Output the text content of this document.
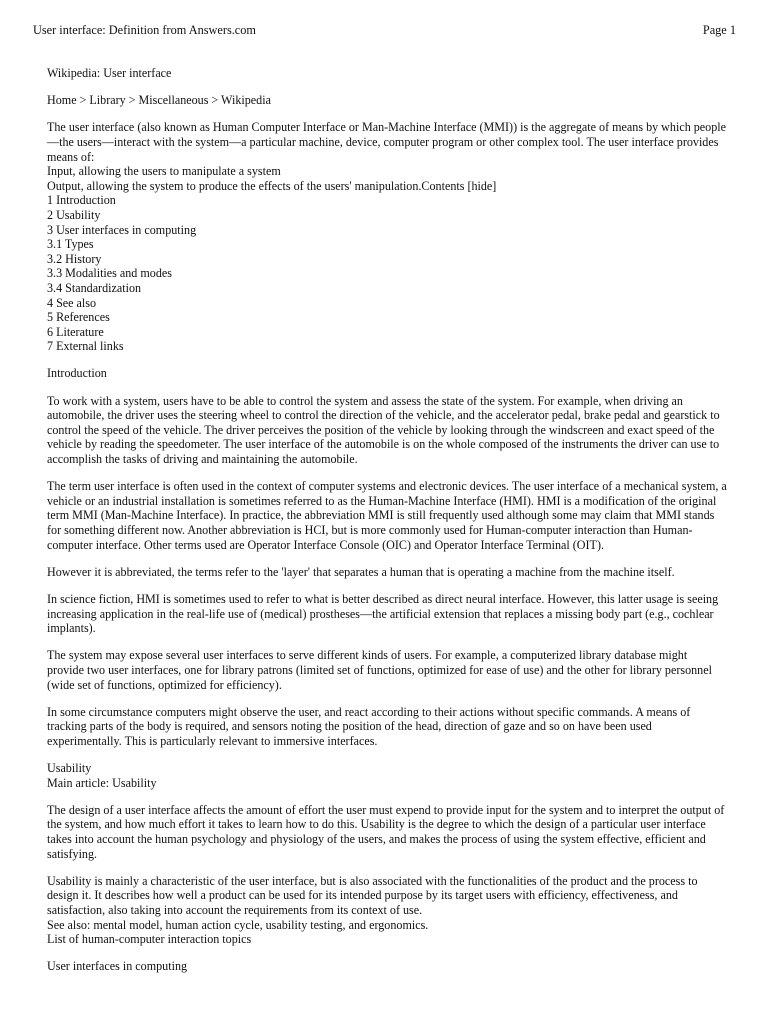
User interface: Definition from Answers.com	Page 1
Wikipedia: User interface
Home > Library > Miscellaneous > Wikipedia
The user interface (also known as Human Computer Interface or Man-Machine Interface (MMI)) is the aggregate of means by which people—the users—interact with the system—a particular machine, device, computer program or other complex tool. The user interface provides means of:
Input, allowing the users to manipulate a system
Output, allowing the system to produce the effects of the users' manipulation.Contents [hide]
1 Introduction
2 Usability
3 User interfaces in computing
3.1 Types
3.2 History
3.3 Modalities and modes
3.4 Standardization
4 See also
5 References
6 Literature
7 External links
Introduction
To work with a system, users have to be able to control the system and assess the state of the system. For example, when driving an automobile, the driver uses the steering wheel to control the direction of the vehicle, and the accelerator pedal, brake pedal and gearstick to control the speed of the vehicle. The driver perceives the position of the vehicle by looking through the windscreen and exact speed of the vehicle by reading the speedometer. The user interface of the automobile is on the whole composed of the instruments the driver can use to accomplish the tasks of driving and maintaining the automobile.
The term user interface is often used in the context of computer systems and electronic devices. The user interface of a mechanical system, a vehicle or an industrial installation is sometimes referred to as the Human-Machine Interface (HMI). HMI is a modification of the original term MMI (Man-Machine Interface). In practice, the abbreviation MMI is still frequently used although some may claim that MMI stands for something different now. Another abbreviation is HCI, but is more commonly used for Human-computer interaction than Human-computer interface. Other terms used are Operator Interface Console (OIC) and Operator Interface Terminal (OIT).
However it is abbreviated, the terms refer to the 'layer' that separates a human that is operating a machine from the machine itself.
In science fiction, HMI is sometimes used to refer to what is better described as direct neural interface. However, this latter usage is seeing increasing application in the real-life use of (medical) prostheses—the artificial extension that replaces a missing body part (e.g., cochlear implants).
The system may expose several user interfaces to serve different kinds of users. For example, a computerized library database might provide two user interfaces, one for library patrons (limited set of functions, optimized for ease of use) and the other for library personnel (wide set of functions, optimized for efficiency).
In some circumstance computers might observe the user, and react according to their actions without specific commands. A means of tracking parts of the body is required, and sensors noting the position of the head, direction of gaze and so on have been used experimentally. This is particularly relevant to immersive interfaces.
Usability
Main article: Usability
The design of a user interface affects the amount of effort the user must expend to provide input for the system and to interpret the output of the system, and how much effort it takes to learn how to do this. Usability is the degree to which the design of a particular user interface takes into account the human psychology and physiology of the users, and makes the process of using the system effective, efficient and satisfying.
Usability is mainly a characteristic of the user interface, but is also associated with the functionalities of the product and the process to design it. It describes how well a product can be used for its intended purpose by its target users with efficiency, effectiveness, and satisfaction, also taking into account the requirements from its context of use.
See also: mental model, human action cycle, usability testing, and ergonomics.
List of human-computer interaction topics
User interfaces in computing
